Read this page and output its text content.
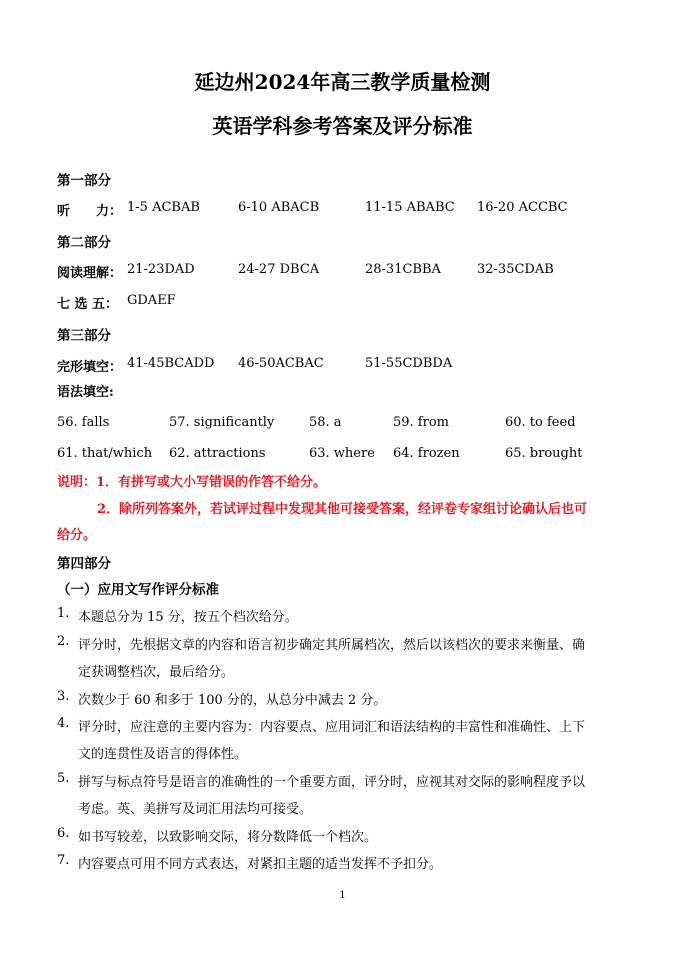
延边州2024年高三教学质量检测
英语学科参考答案及评分标准
第一部分
听　　力： 1-5 ACBAB	6-10 ABACB	11-15 ABABC 16-20 ACCBC
第二部分
阅读理解： 21-23DAD	24-27 DBCA	28-31CBBA	32-35CDAB
七 选 五： GDAEF
第三部分
完形填空： 41-45BCADD 46-50ACBAC	51-55CDBDA
语法填空:
56. falls	57. significantly	58. a	59. from	60. to feed
61. that/which 62. attractions	63. where 64. frozen	65. brought
说明：1．有拼写或大小写错误的作答不给分。
2．除所列答案外，若试评过程中发现其他可接受答案，经评卷专家组讨论确认后也可
给分。
第四部分
（一）应用文写作评分标准
1. 本题总分为 15 分，按五个档次给分。
2. 评分时，先根据文章的内容和语言初步确定其所属档次，然后以该档次的要求来衡量、确
定获调整档次，最后给分。
3. 次数少于 60 和多于 100 分的，从总分中减去 2 分。
4. 评分时，应注意的主要内容为：内容要点、应用词汇和语法结构的丰富性和准确性、上下
文的连贯性及语言的得体性。
5. 拼写与标点符号是语言的准确性的一个重要方面，评分时，应视其对交际的影响程度予以
考虑。英、美拼写及词汇用法均可接受。
6. 如书写较差，以致影响交际，将分数降低一个档次。
7. 内容要点可用不同方式表达，对紧扣主题的适当发挥不予扣分。
1
